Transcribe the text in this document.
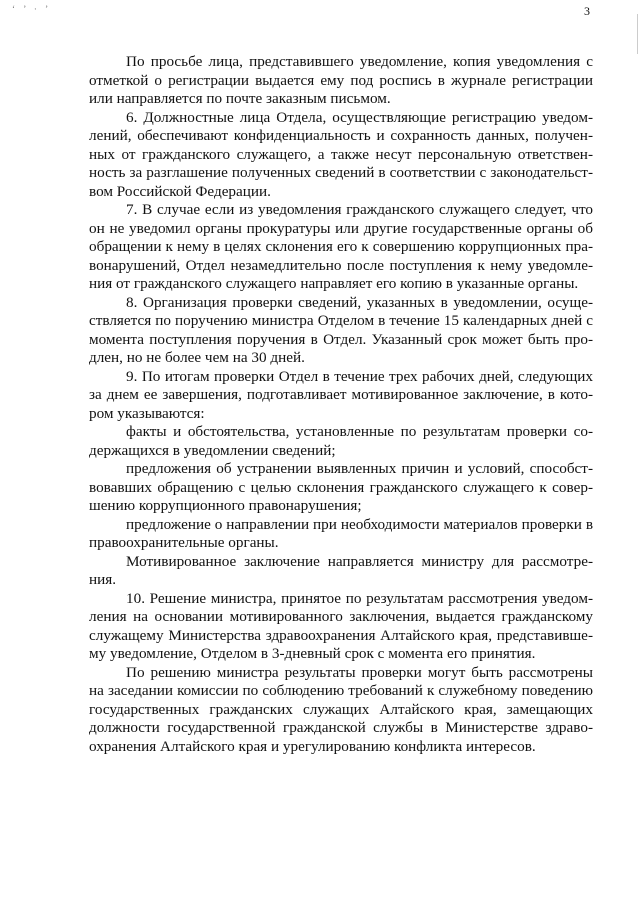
‘ ’ · ’	3

По просьбе лица, представившего уведомление, копия уведомления с отметкой о регистрации выдается ему под роспись в журнале регистрации или направляется по почте заказным письмом.

6. Должностные лица Отдела, осуществляющие регистрацию уведомлений, обеспечивают конфиденциальность и сохранность данных, полученных от гражданского служащего, а также несут персональную ответственность за разглашение полученных сведений в соответствии с законодательством Российской Федерации.

7. В случае если из уведомления гражданского служащего следует, что он не уведомил органы прокуратуры или другие государственные органы об обращении к нему в целях склонения его к совершению коррупционных правонарушений, Отдел незамедлительно после поступления к нему уведомления от гражданского служащего направляет его копию в указанные органы.

8. Организация проверки сведений, указанных в уведомлении, осуществляется по поручению министра Отделом в течение 15 календарных дней с момента поступления поручения в Отдел. Указанный срок может быть продлен, но не более чем на 30 дней.

9. По итогам проверки Отдел в течение трех рабочих дней, следующих за днем ее завершения, подготавливает мотивированное заключение, в котором указываются:

факты и обстоятельства, установленные по результатам проверки содержащихся в уведомлении сведений;

предложения об устранении выявленных причин и условий, способствовавших обращению с целью склонения гражданского служащего к совершению коррупционного правонарушения;

предложение о направлении при необходимости материалов проверки в правоохранительные органы.

Мотивированное заключение направляется министру для рассмотрения.

10. Решение министра, принятое по результатам рассмотрения уведомления на основании мотивированного заключения, выдается гражданскому служащему Министерства здравоохранения Алтайского края, представившему уведомление, Отделом в 3-дневный срок с момента его принятия.

По решению министра результаты проверки могут быть рассмотрены на заседании комиссии по соблюдению требований к служебному поведению государственных гражданских служащих Алтайского края, замещающих должности государственной гражданской службы в Министерстве здравоохранения Алтайского края и урегулированию конфликта интересов.
